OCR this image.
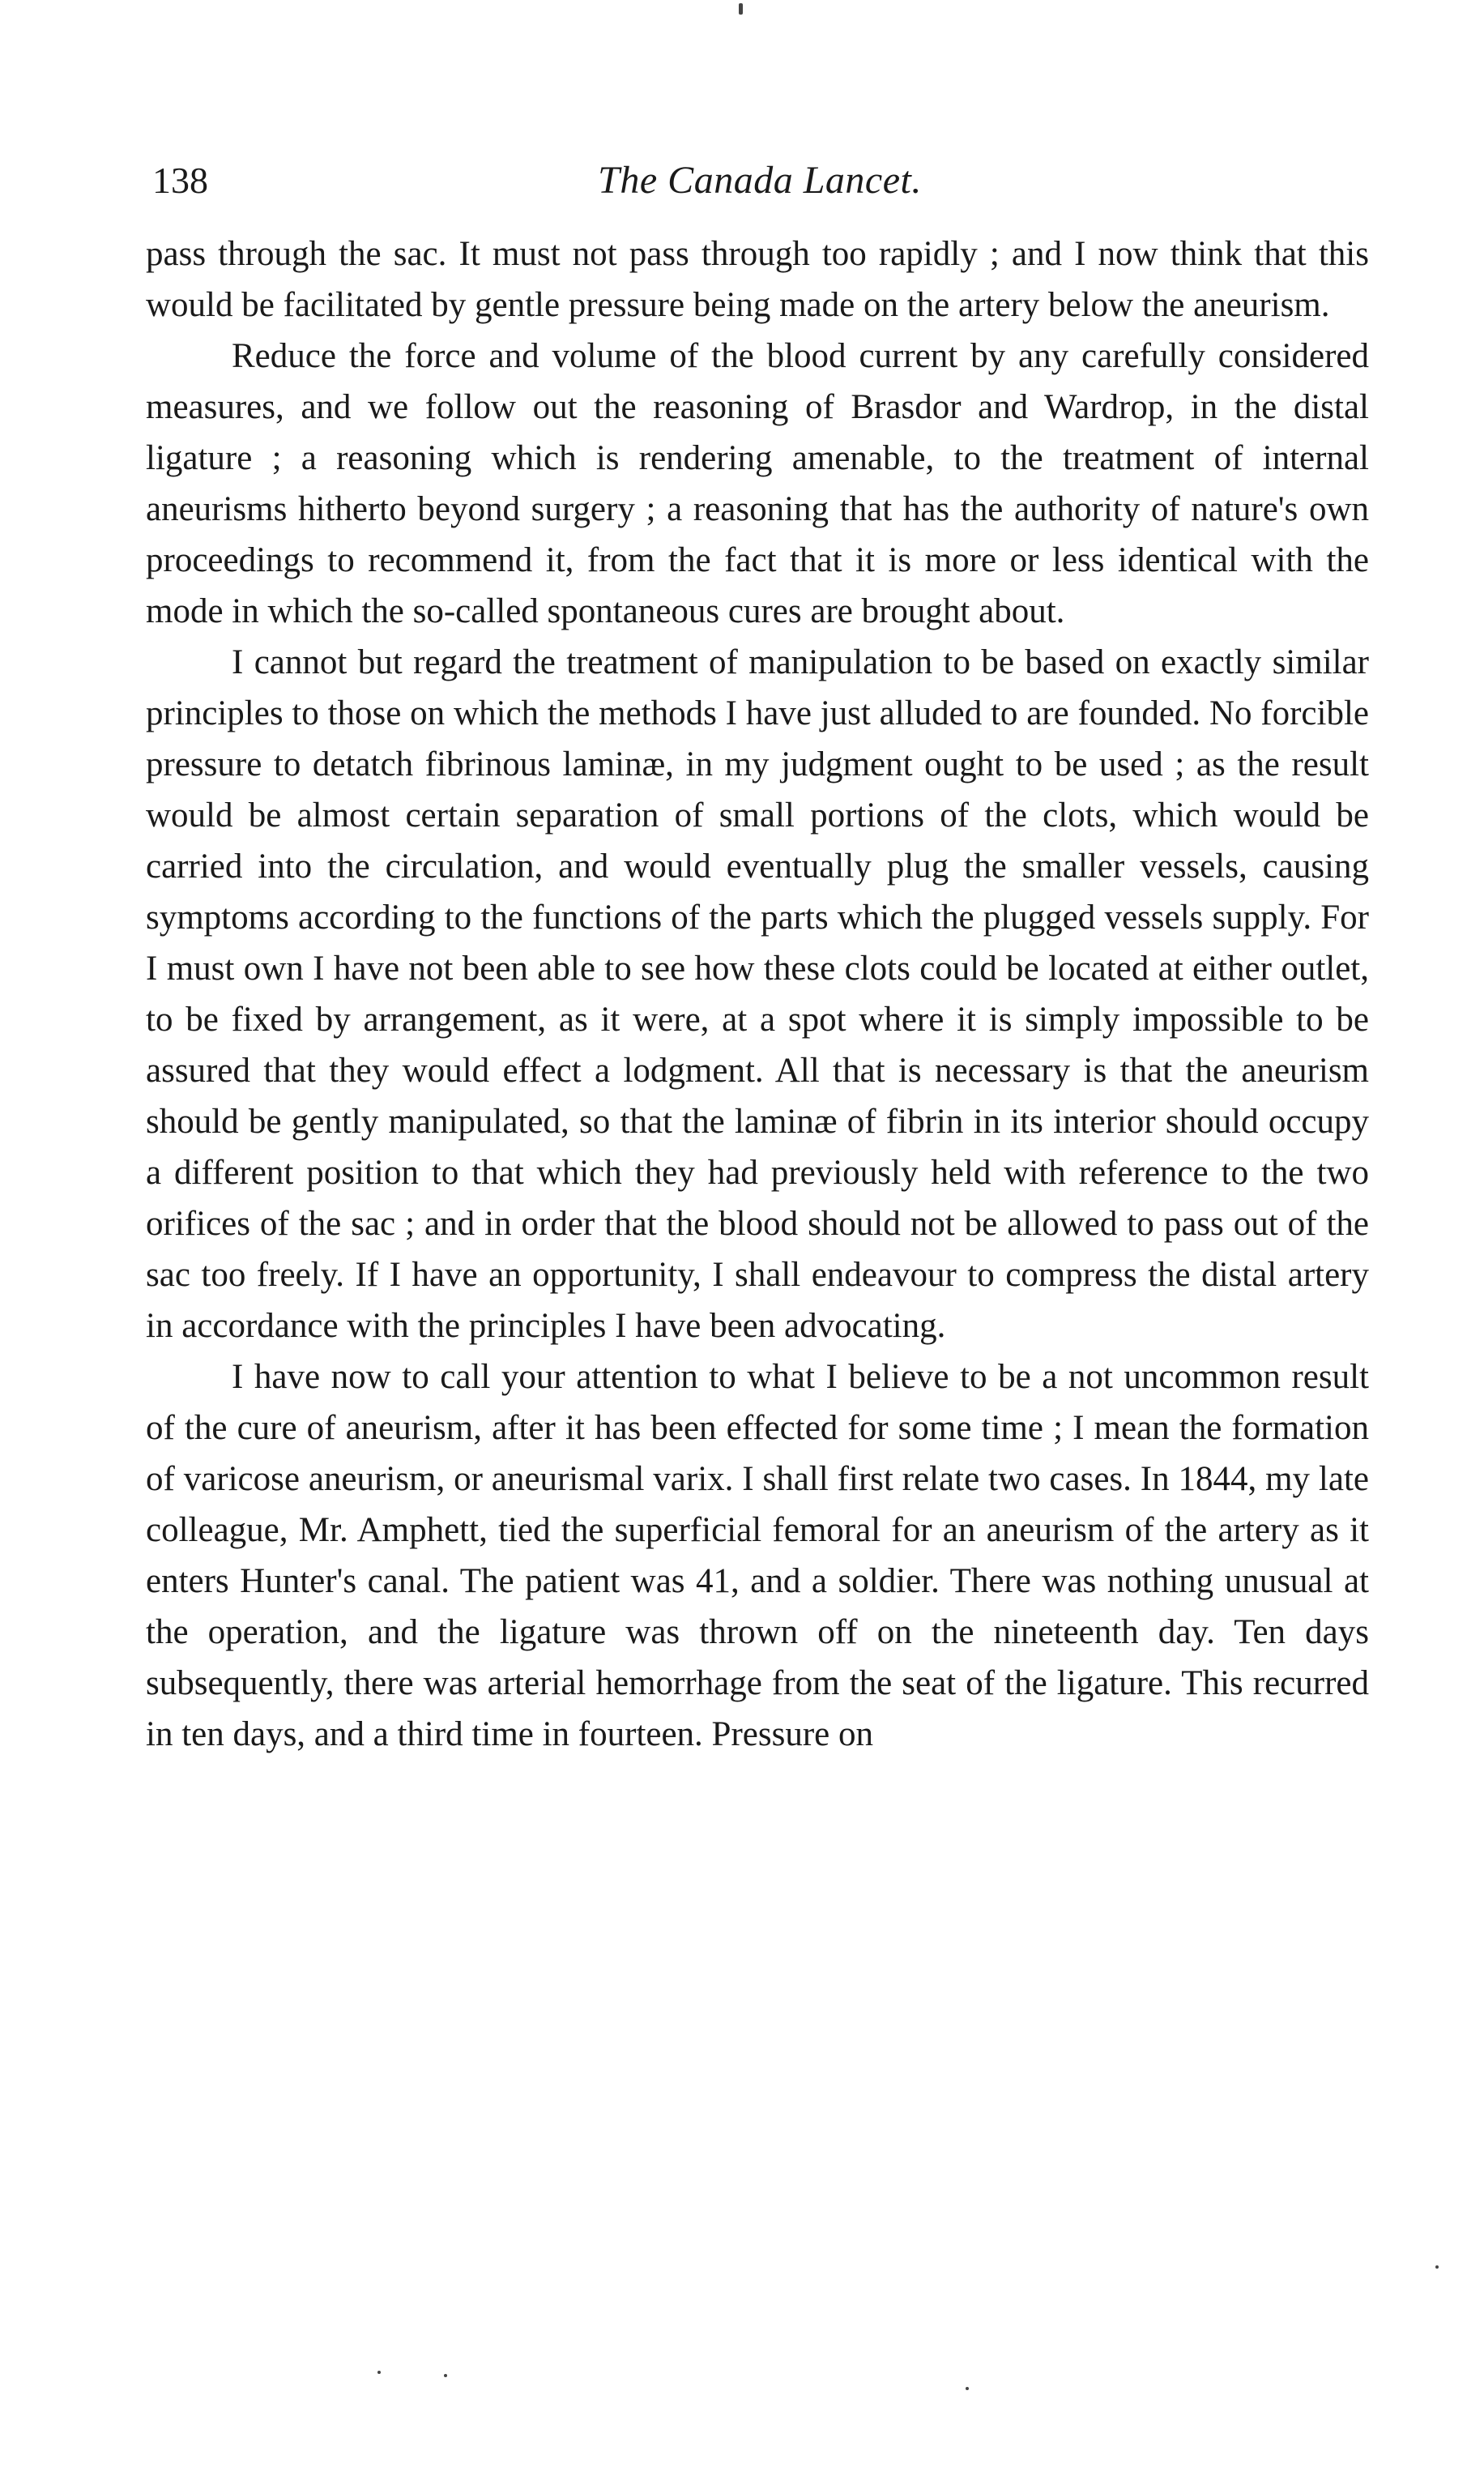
138	The Canada Lancet.

pass through the sac. It must not pass through too rapidly ; and I now think that this would be facilitated by gentle pressure being made on the artery below the aneurism.

Reduce the force and volume of the blood current by any carefully considered measures, and we follow out the reasoning of Brasdor and Wardrop, in the distal ligature ; a reasoning which is rendering amenable, to the treatment of internal aneurisms hitherto beyond surgery ; a reasoning that has the authority of nature's own proceedings to recommend it, from the fact that it is more or less identical with the mode in which the so-called spontaneous cures are brought about.

I cannot but regard the treatment of manipulation to be based on exactly similar principles to those on which the methods I have just alluded to are founded. No forcible pressure to detatch fibrinous laminæ, in my judgment ought to be used ; as the result would be almost certain separation of small portions of the clots, which would be carried into the circulation, and would eventually plug the smaller vessels, causing symptoms according to the functions of the parts which the plugged vessels supply. For I must own I have not been able to see how these clots could be located at either outlet, to be fixed by arrangement, as it were, at a spot where it is simply impossible to be assured that they would effect a lodgment. All that is necessary is that the aneurism should be gently manipulated, so that the laminæ of fibrin in its interior should occupy a different position to that which they had previously held with reference to the two orifices of the sac ; and in order that the blood should not be allowed to pass out of the sac too freely. If I have an opportunity, I shall endeavour to compress the distal artery in accordance with the principles I have been advocating.

I have now to call your attention to what I believe to be a not uncommon result of the cure of aneurism, after it has been effected for some time ; I mean the formation of varicose aneurism, or aneurismal varix. I shall first relate two cases. In 1844, my late colleague, Mr. Amphett, tied the superficial femoral for an aneurism of the artery as it enters Hunter's canal. The patient was 41, and a soldier. There was nothing unusual at the operation, and the ligature was thrown off on the nineteenth day. Ten days subsequently, there was arterial hemorrhage from the seat of the ligature. This recurred in ten days, and a third time in fourteen. Pressure on
